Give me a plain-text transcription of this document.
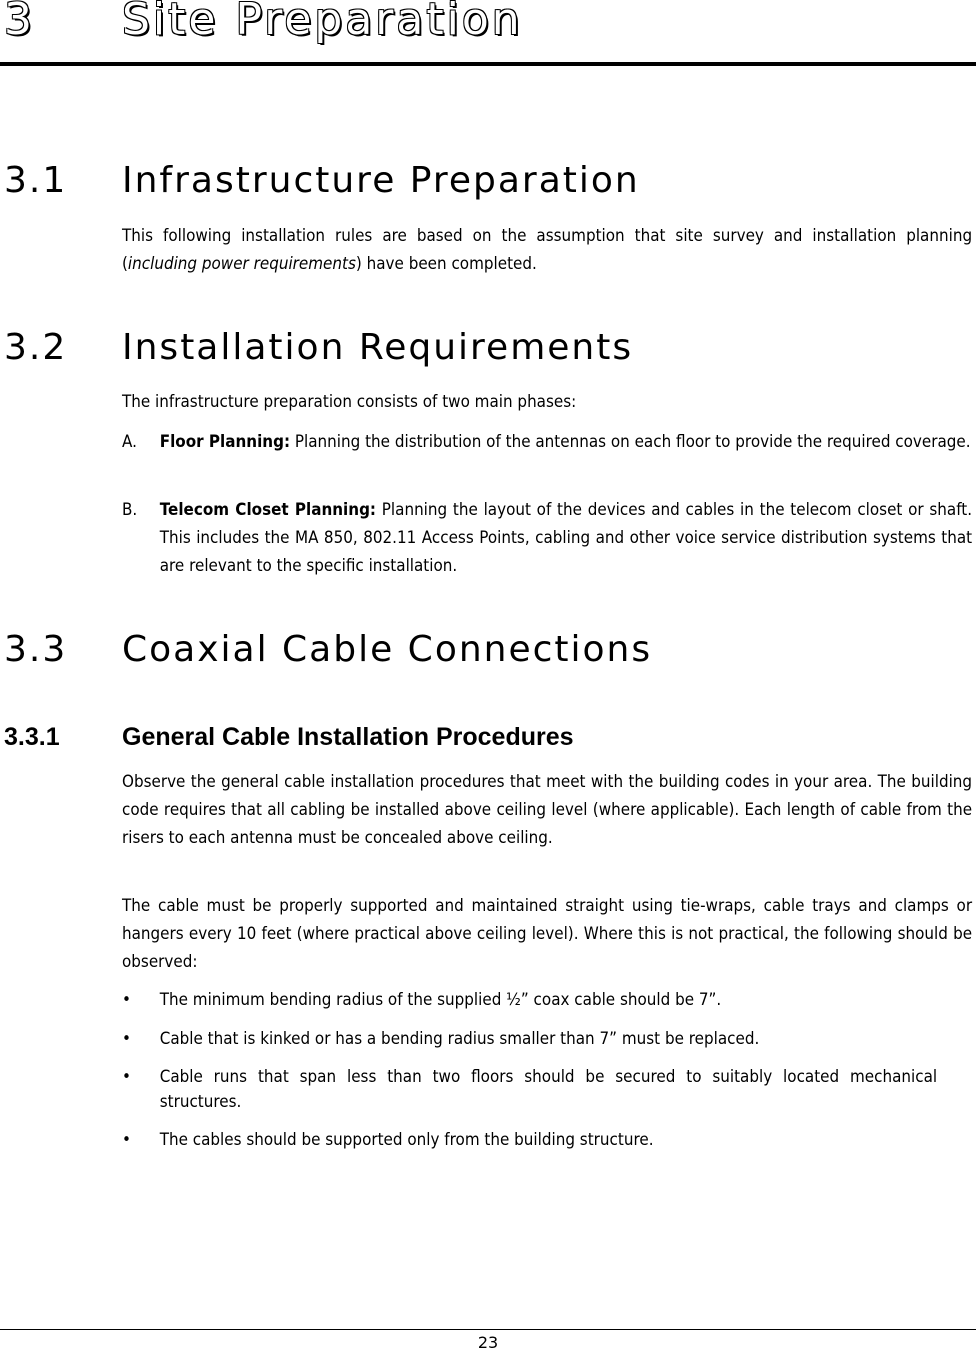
3 Site Preparation
3.1 Infrastructure Preparation

This following installation rules are based on the assumption that site survey and installation planning (including power requirements) have been completed.

3.2 Installation Requirements

The infrastructure preparation consists of two main phases:

A. Floor Planning: Planning the distribution of the antennas on each floor to provide the required coverage.

B. Telecom Closet Planning: Planning the layout of the devices and cables in the telecom closet or shaft. This includes the MA 850, 802.11 Access Points, cabling and other voice service distribution systems that are relevant to the specific installation.

3.3 Coaxial Cable Connections
3.3.1 General Cable Installation Procedures

Observe the general cable installation procedures that meet with the building codes in your area. The building code requires that all cabling be installed above ceiling level (where applicable). Each length of cable from the risers to each antenna must be concealed above ceiling.

The cable must be properly supported and maintained straight using tie-wraps, cable trays and clamps or hangers every 10 feet (where practical above ceiling level). Where this is not practical, the following should be observed:

• The minimum bending radius of the supplied ½” coax cable should be 7”.

• Cable that is kinked or has a bending radius smaller than 7” must be replaced.

• Cable runs that span less than two floors should be secured to suitably located mechanical structures.

• The cables should be supported only from the building structure.

23
